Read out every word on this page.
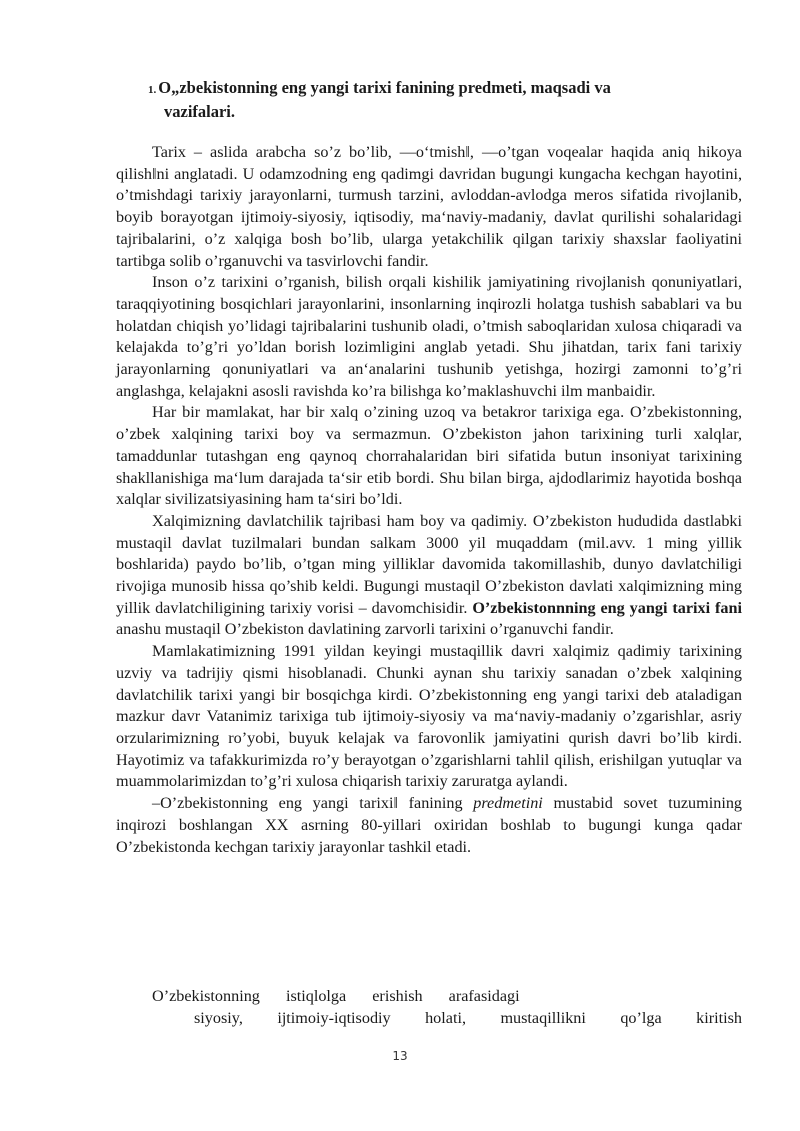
1. O„zbekistonning eng yangi tarixi fanining predmeti, maqsadi va
vazifalari.

Tarix – aslida arabcha so’z bo’lib, ―o‘tmish‖, ―o’tgan voqealar haqida aniq hikoya qilish‖ni anglatadi. U odamzodning eng qadimgi davridan bugungi kungacha kechgan hayotini, o’tmishdagi tarixiy jarayonlarni, turmush tarzini, avloddan-avlodga meros sifatida rivojlanib, boyib borayotgan ijtimoiy-siyosiy, iqtisodiy, ma‘naviy-madaniy, davlat qurilishi sohalaridagi tajribalarini, o’z xalqiga bosh bo’lib, ularga yetakchilik qilgan tarixiy shaxslar faoliyatini tartibga solib o’rganuvchi va tasvirlovchi fandir.

Inson o’z tarixini o’rganish, bilish orqali kishilik jamiyatining rivojlanish qonuniyatlari, taraqqiyotining bosqichlari jarayonlarini, insonlarning inqirozli holatga tushish sabablari va bu holatdan chiqish yo’lidagi tajribalarini tushunib oladi, o’tmish saboqlaridan xulosa chiqaradi va kelajakda to’g’ri yo’ldan borish lozimligini anglab yetadi. Shu jihatdan, tarix fani tarixiy jarayonlarning qonuniyatlari va an‘analarini tushunib yetishga, hozirgi zamonni to’g’ri anglashga, kelajakni asosli ravishda ko’ra bilishga ko’maklashuvchi ilm manbaidir.

Har bir mamlakat, har bir xalq o’zining uzoq va betakror tarixiga ega. O’zbekistonning, o’zbek xalqining tarixi boy va sermazmun. O’zbekiston jahon tarixining turli xalqlar, tamaddunlar tutashgan eng qaynoq chorrahalaridan biri sifatida butun insoniyat tarixining shakllanishiga ma‘lum darajada ta‘sir etib bordi. Shu bilan birga, ajdodlarimiz hayotida boshqa xalqlar sivilizatsiyasining ham ta‘siri bo’ldi.

Xalqimizning davlatchilik tajribasi ham boy va qadimiy. O’zbekiston hududida dastlabki mustaqil davlat tuzilmalari bundan salkam 3000 yil muqaddam (mil.avv. 1 ming yillik boshlarida) paydo bo’lib, o’tgan ming yilliklar davomida takomillashib, dunyo davlatchiligi rivojiga munosib hissa qo’shib keldi. Bugungi mustaqil O’zbekiston davlati xalqimizning ming yillik davlatchiligining tarixiy vorisi – davomchisidir. O’zbekistonnning eng yangi tarixi fani anashu mustaqil O’zbekiston davlatining zarvorli tarixini o’rganuvchi fandir.

Mamlakatimizning 1991 yildan keyingi mustaqillik davri xalqimiz qadimiy tarixining uzviy va tadrijiy qismi hisoblanadi. Chunki aynan shu tarixiy sanadan o’zbek xalqining davlatchilik tarixi yangi bir bosqichga kirdi. O’zbekistonning eng yangi tarixi deb ataladigan mazkur davr Vatanimiz tarixiga tub ijtimoiy-siyosiy va ma‘naviy-madaniy o’zgarishlar, asriy orzularimizning ro’yobi, buyuk kelajak va farovonlik jamiyatini qurish davri bo’lib kirdi. Hayotimiz va tafakkurimizda ro’y berayotgan o’zgarishlarni tahlil qilish, erishilgan yutuqlar va muammolarimizdan to’g’ri xulosa chiqarish tarixiy zaruratga aylandi.

–O’zbekistonning eng yangi tarixi‖ fanining predmetini mustabid sovet tuzumining inqirozi boshlangan XX asrning 80-yillari oxiridan boshlab to bugungi kunga qadar O’zbekistonda kechgan tarixiy jarayonlar tashkil etadi.

O’zbekistonning istiqlolga erishish arafasidagi
siyosiy, ijtimoiy-iqtisodiy holati, mustaqillikni qo’lga kiritish
13
